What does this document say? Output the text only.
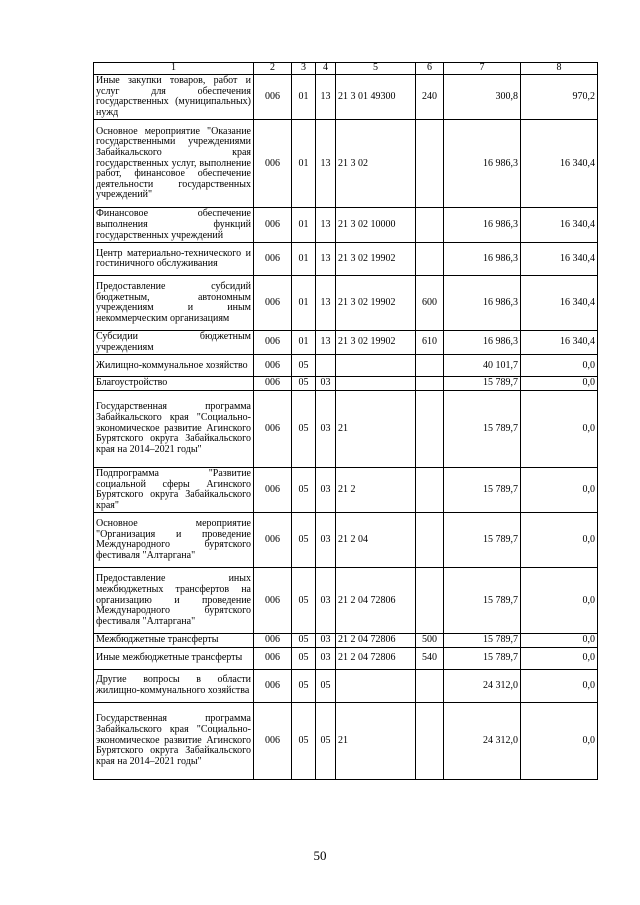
1	2	3	4	5	6	7	8
Иные закупки товаров, работ и услуг для обеспечения государственных (муниципальных) нужд	006	01	13	21 3 01 49300	240	300,8	970,2
Основное мероприятие "Оказание государственными учреждениями Забайкальского края государственных услуг, выполнение работ, финансовое обеспечение деятельности государственных учреждений"	006	01	13	21 3 02		16 986,3	16 340,4
Финансовое обеспечение выполнения функций государственных учреждений	006	01	13	21 3 02 10000		16 986,3	16 340,4
Центр материально-технического и гостиничного обслуживания	006	01	13	21 3 02 19902		16 986,3	16 340,4
Предоставление субсидий бюджетным, автономным учреждениям и иным некоммерческим организациям	006	01	13	21 3 02 19902	600	16 986,3	16 340,4
Субсидии бюджетным учреждениям	006	01	13	21 3 02 19902	610	16 986,3	16 340,4
Жилищно-коммунальное хозяйство	006	05				40 101,7	0,0
Благоустройство	006	05	03			15 789,7	0,0
Государственная программа Забайкальского края "Социально-экономическое развитие Агинского Бурятского округа Забайкальского края на 2014–2021 годы"	006	05	03	21		15 789,7	0,0
Подпрограмма "Развитие социальной сферы Агинского Бурятского округа Забайкальского края"	006	05	03	21 2		15 789,7	0,0
Основное мероприятие "Организация и проведение Международного бурятского фестиваля "Алтаргана"	006	05	03	21 2 04		15 789,7	0,0
Предоставление иных межбюджетных трансфертов на организацию и проведение Международного бурятского фестиваля "Алтаргана"	006	05	03	21 2 04 72806		15 789,7	0,0
Межбюджетные трансферты	006	05	03	21 2 04 72806	500	15 789,7	0,0
Иные межбюджетные трансферты	006	05	03	21 2 04 72806	540	15 789,7	0,0
Другие вопросы в области жилищно-коммунального хозяйства	006	05	05			24 312,0	0,0
Государственная программа Забайкальского края "Социально-экономическое развитие Агинского Бурятского округа Забайкальского края на 2014–2021 годы"	006	05	05	21		24 312,0	0,0
50
